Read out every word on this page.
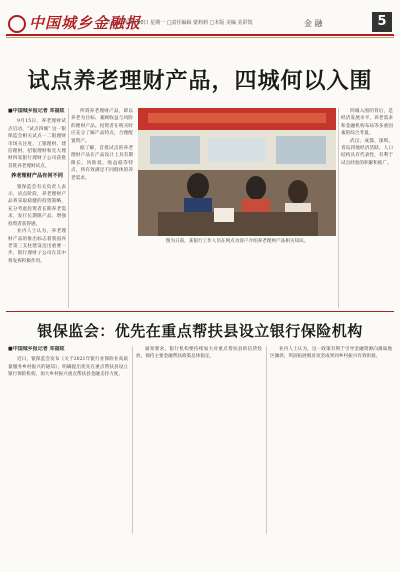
中国城乡金融报
二〇二一年9月20日 星期一 □责任编辑 蒙莉莉 □本版 美编 美彩凯	金 融	5
试点养老理财产品，四城何以入围

■中国城乡报记者 邓福炫

9月15日，养老理财试点启动。“试点四城” 这一银保监会相关试点一二银理财市场关注度，工银理财、建信理财、招银理财和光大理财四家银行理财子公司获批首批养老理财试点。

养老理财产品有何不同

银保监会有关负责人表示，试点阶段，养老理财产品将采取稳健的投资策略，充分考虑投资者长期养老需求，发行长期限产品，增强投资者获得感。

业内人士认为，养老理财产品的推出标志着我国养老第三支柱建设迈出重要一步，银行理财子公司在其中将发挥积极作用。

所谓养老理财产品，即以养老为目标、兼顾收益与风险的理财产品。投资者在购买时应充分了解产品特点，合理配置资产。

据了解，首批试点的养老理财产品在产品设计上具有期限长、风险低、收益稳等特点，将有效满足不同群体的养老需求。

图为日前，某银行工作人员在网点为客户介绍养老理财产品相关知识。

四城入围的背后，是经济发展水平、养老需求和金融机构布局等多重因素的综合考量。

武汉、成都、深圳、青岛四地经济活跃，人口结构具有代表性，有利于试点经验的积累和推广。

银保监会：优先在重点帮扶县设立银行保险机构

■中国城乡报记者 邓福炫

近日，银保监会发布《关于2021年银行业保险业高质量服务乡村振兴的通知》，明确提出优先在重点帮扶县设立银行保险机构，加大乡村振兴重点帮扶县金融支持力度。

通知要求，银行机构要持续加大对重点帮扶县的信贷投放，保持主要金融帮扶政策总体稳定。

业内人士认为，这一政策有利于引导金融资源向薄弱地区倾斜，巩固拓展脱贫攻坚成果同乡村振兴有效衔接。
